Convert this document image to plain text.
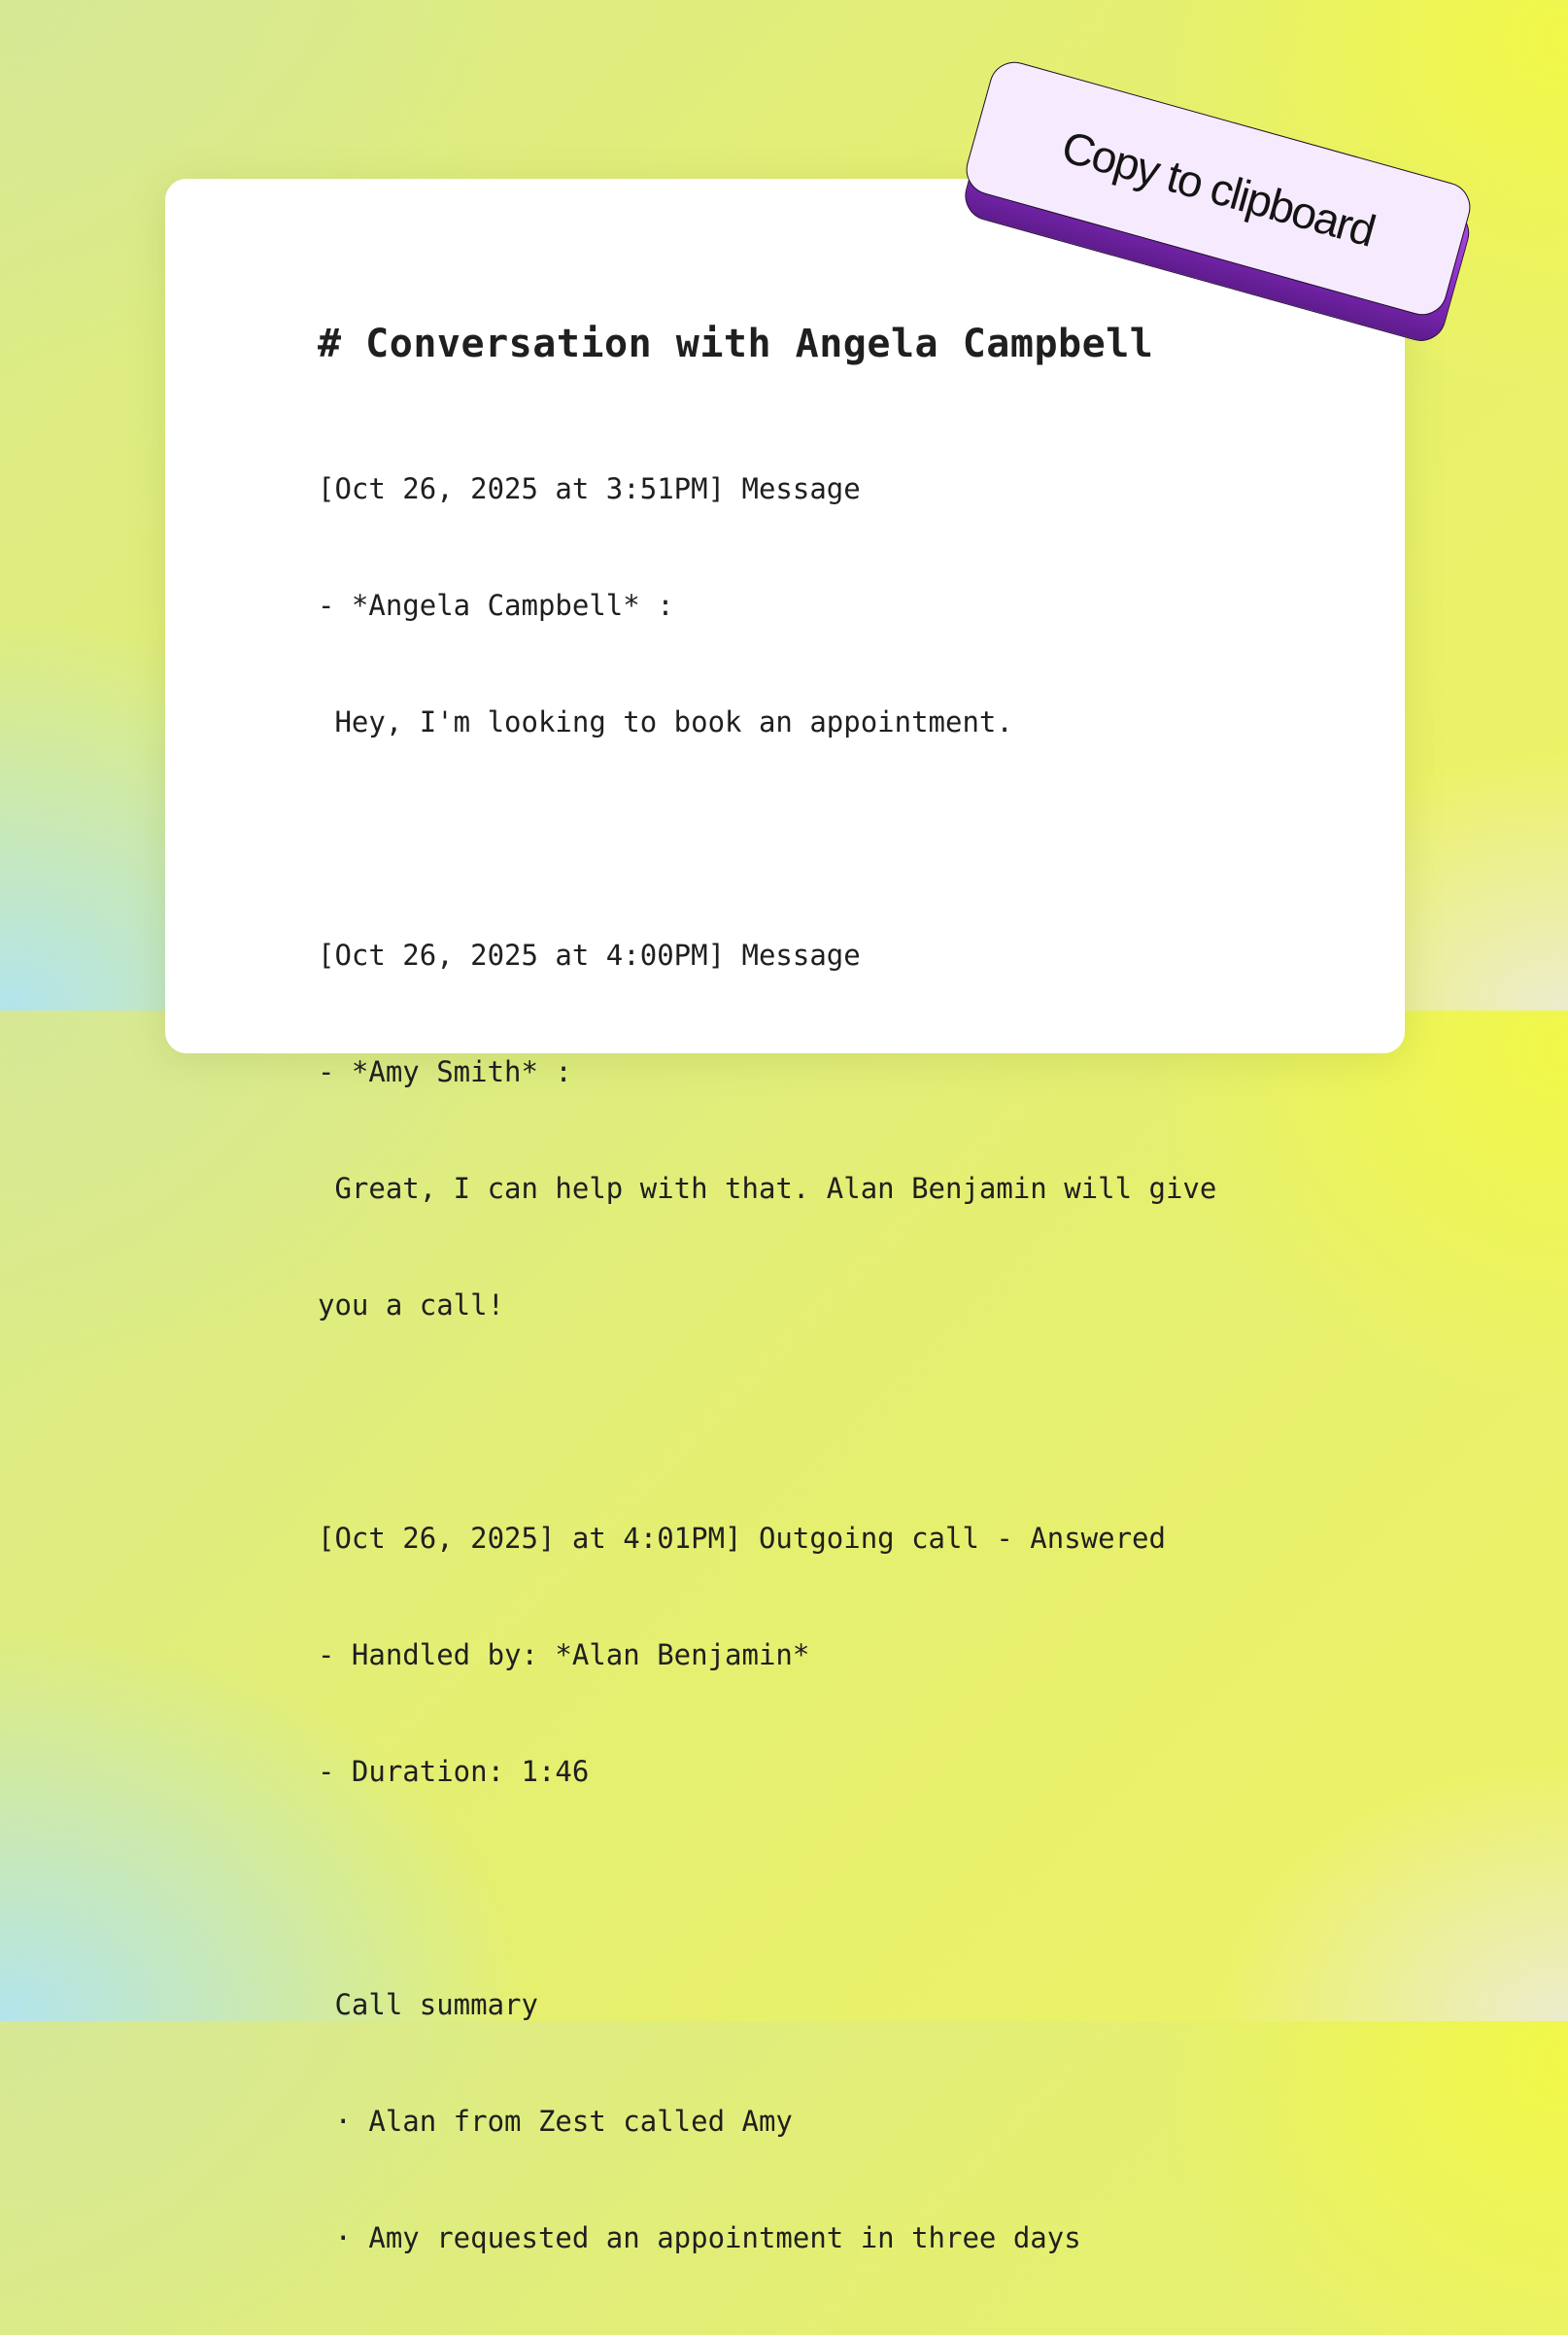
# Conversation with Angela Campbell

[Oct 26, 2025 at 3:51PM] Message

- *Angela Campbell* :

Hey, I'm looking to book an appointment.

[Oct 26, 2025 at 4:00PM] Message

- *Amy Smith* :

Great, I can help with that. Alan Benjamin will give

you a call!

[Oct 26, 2025] at 4:01PM] Outgoing call - Answered

- Handled by: *Alan Benjamin*

- Duration: 1:46

Call summary

· Alan from Zest called Amy

· Amy requested an appointment in three days

Copy to clipboard
